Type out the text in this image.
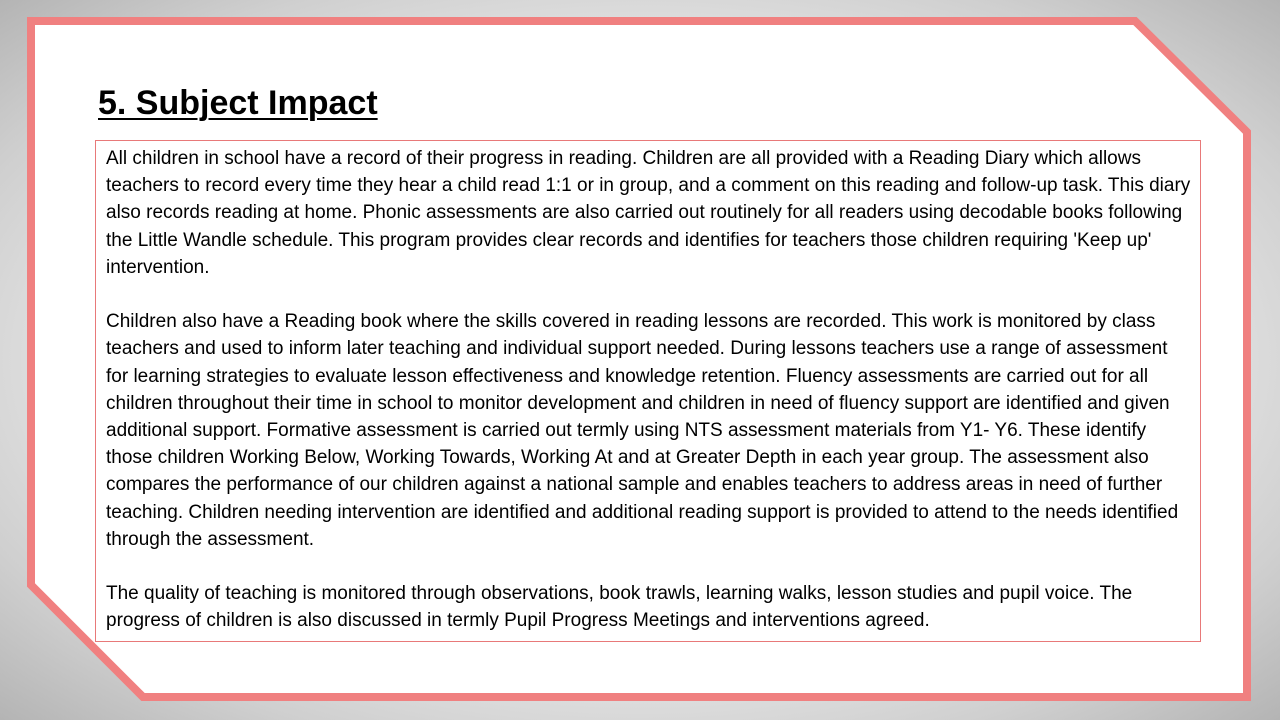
5. Subject Impact

All children in school have a record of their progress in reading. Children are all provided with a Reading Diary which allows teachers to record every time they hear a child read 1:1 or in group, and a comment on this reading and follow-up task. This diary also records reading at home. Phonic assessments are also carried out routinely for all readers using decodable books following the Little Wandle schedule. This program provides clear records and identifies for teachers those children requiring 'Keep up' intervention.

Children also have a Reading book where the skills covered in reading lessons are recorded. This work is monitored by class teachers and used to inform later teaching and individual support needed. During lessons teachers use a range of assessment for learning strategies to evaluate lesson effectiveness and knowledge retention. Fluency assessments are carried out for all children throughout their time in school to monitor development and children in need of fluency support are identified and given additional support. Formative assessment is carried out termly using NTS assessment materials from Y1- Y6. These identify those children Working Below, Working Towards, Working At and at Greater Depth in each year group. The assessment also compares the performance of our children against a national sample and enables teachers to address areas in need of further teaching. Children needing intervention are identified and additional reading support is provided to attend to the needs identified through the assessment.

The quality of teaching is monitored through observations, book trawls, learning walks, lesson studies and pupil voice. The progress of children is also discussed in termly Pupil Progress Meetings and interventions agreed.
